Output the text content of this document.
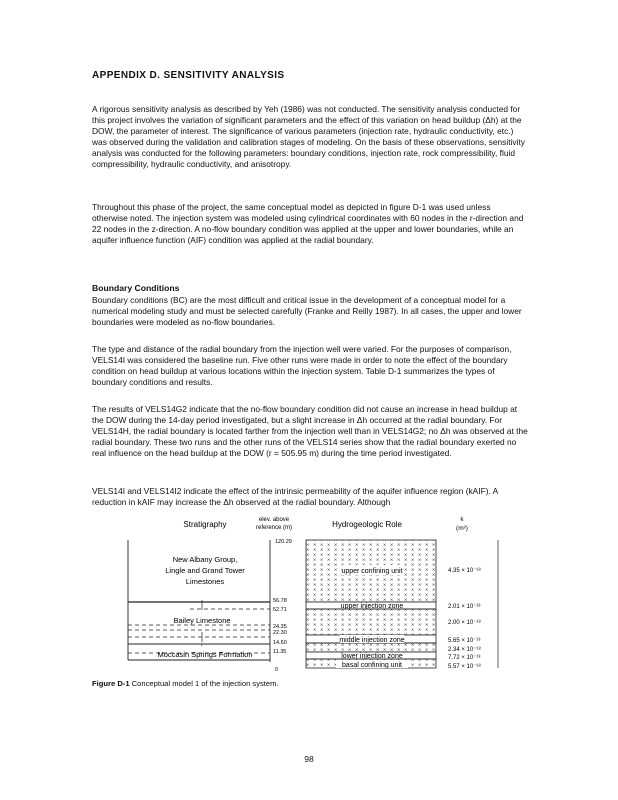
APPENDIX D. SENSITIVITY ANALYSIS
A rigorous sensitivity analysis as described by Yeh (1986) was not conducted. The sensitivity analysis conducted for this project involves the variation of significant parameters and the effect of this variation on head buildup (Δh) at the DOW, the parameter of interest. The significance of various parameters (injection rate, hydraulic conductivity, etc.) was observed during the validation and calibration stages of modeling. On the basis of these observations, sensitivity analysis was conducted for the following parameters: boundary conditions, injection rate, rock compressibility, fluid compressibility, hydraulic conductivity, and anisotropy.
Throughout this phase of the project, the same conceptual model as depicted in figure D-1 was used unless otherwise noted. The injection system was modeled using cylindrical coordinates with 60 nodes in the r-direction and 22 nodes in the z-direction. A no-flow boundary condition was applied at the upper and lower boundaries, while an aquifer influence function (AIF) condition was applied at the radial boundary.
Boundary Conditions
Boundary conditions (BC) are the most difficult and critical issue in the development of a conceptual model for a numerical modeling study and must be selected carefully (Franke and Reilly 1987). In all cases, the upper and lower boundaries were modeled as no-flow boundaries.
The type and distance of the radial boundary from the injection well were varied. For the purposes of comparison, VELS14I was considered the baseline run. Five other runs were made in order to note the effect of the boundary condition on head buildup at various locations within the injection system. Table D-1 summarizes the types of boundary conditions and results.
The results of VELS14G2 indicate that the no-flow boundary condition did not cause an increase in head buildup at the DOW during the 14-day period investigated, but a slight increase in Δh occurred at the radial boundary. For VELS14H, the radial boundary is located farther from the injection well than in VELS14G2; no Δh was observed at the radial boundary. These two runs and the other runs of the VELS14 series show that the radial boundary exerted no real influence on the head buildup at the DOW (r = 505.95 m) during the time period investigated.
VELS14I and VELS14I2 indicate the effect of the intrinsic permeability of the aquifer influence region (kAIF). A reduction in kAIF may increase the Δh observed at the radial boundary. Although
Stratigraphy	elev. above
reference (m)	Hydrogeologic Role	k
(m²)
↓
New Albany Group,
Lingle and Grand Tower
Limestones
Bailey Limestone
Moccasin Springs Formation
120.29
56.78
52.71
24.35
22.30
14.50
11.35
0
upper confining unit
upper injection zone
middle injection zone
lower injection zone
basal confining unit
4.35 × 10⁻¹⁸
2.01 × 10⁻¹³
2.00 × 10⁻¹⁸
5.65 × 10⁻¹³
2.34 × 10⁻¹⁸
7.72 × 10⁻¹³
5.57 × 10⁻¹⁸
Figure D-1 Conceptual model 1 of the injection system.
98
